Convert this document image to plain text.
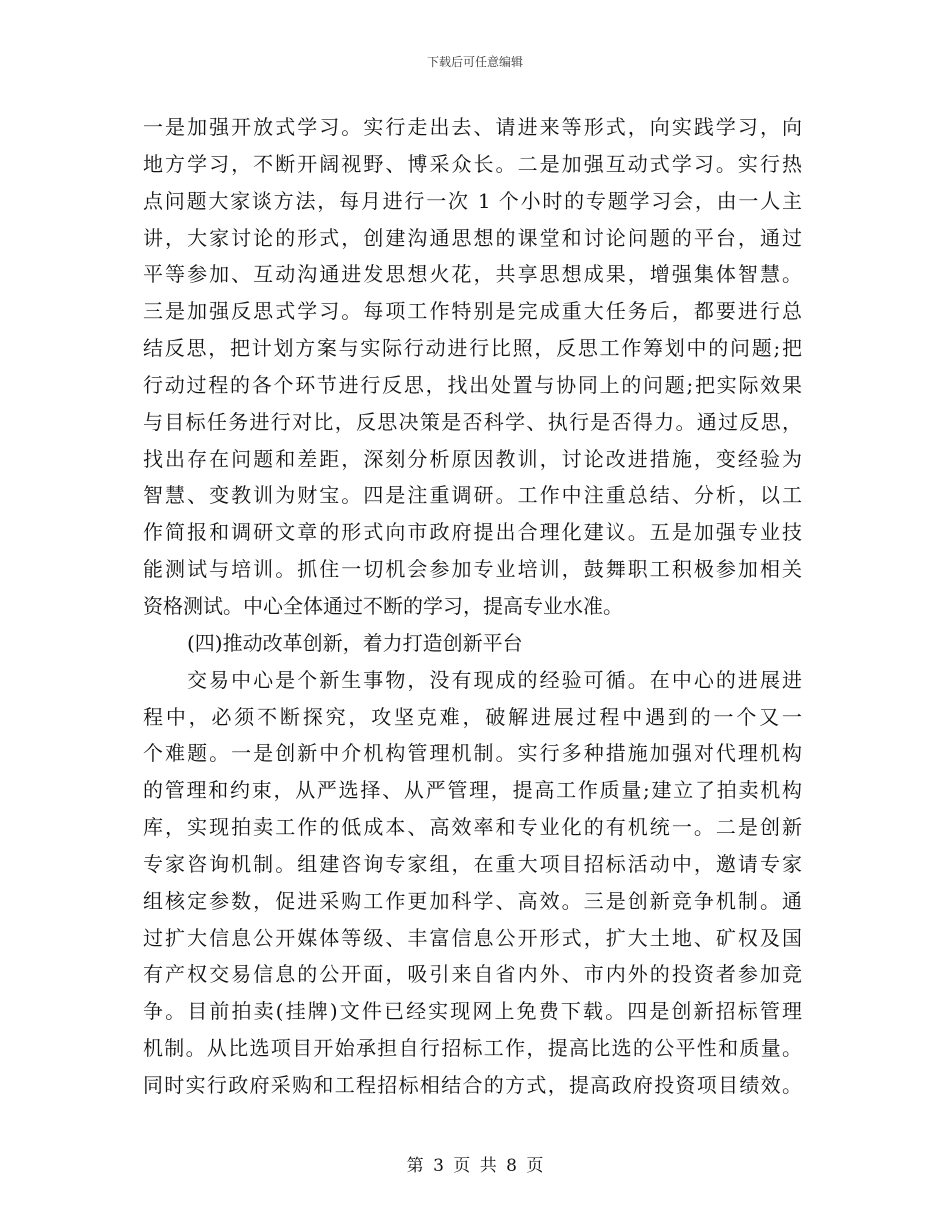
下载后可任意编辑
一是加强开放式学习。实行走出去、请进来等形式，向实践学习，向
地方学习，不断开阔视野、博采众长。二是加强互动式学习。实行热
点问题大家谈方法，每月进行一次 1 个小时的专题学习会，由一人主
讲，大家讨论的形式，创建沟通思想的课堂和讨论问题的平台，通过
平等参加、互动沟通进发思想火花，共享思想成果，增强集体智慧。
三是加强反思式学习。每项工作特别是完成重大任务后，都要进行总
结反思，把计划方案与实际行动进行比照，反思工作筹划中的问题;把
行动过程的各个环节进行反思，找出处置与协同上的问题;把实际效果
与目标任务进行对比，反思决策是否科学、执行是否得力。通过反思，
找出存在问题和差距，深刻分析原因教训，讨论改进措施，变经验为
智慧、变教训为财宝。四是注重调研。工作中注重总结、分析，以工
作简报和调研文章的形式向市政府提出合理化建议。五是加强专业技
能测试与培训。抓住一切机会参加专业培训，鼓舞职工积极参加相关
资格测试。中心全体通过不断的学习，提高专业水准。
(四)推动改革创新，着力打造创新平台
交易中心是个新生事物，没有现成的经验可循。在中心的进展进
程中，必须不断探究，攻坚克难，破解进展过程中遇到的一个又一
个难题。一是创新中介机构管理机制。实行多种措施加强对代理机构
的管理和约束，从严选择、从严管理，提高工作质量;建立了拍卖机构
库，实现拍卖工作的低成本、高效率和专业化的有机统一。二是创新
专家咨询机制。组建咨询专家组，在重大项目招标活动中，邀请专家
组核定参数，促进采购工作更加科学、高效。三是创新竞争机制。通
过扩大信息公开媒体等级、丰富信息公开形式，扩大土地、矿权及国
有产权交易信息的公开面，吸引来自省内外、市内外的投资者参加竞
争。目前拍卖(挂牌)文件已经实现网上免费下载。四是创新招标管理
机制。从比选项目开始承担自行招标工作，提高比选的公平性和质量。
同时实行政府采购和工程招标相结合的方式，提高政府投资项目绩效。
第 3 页 共 8 页
